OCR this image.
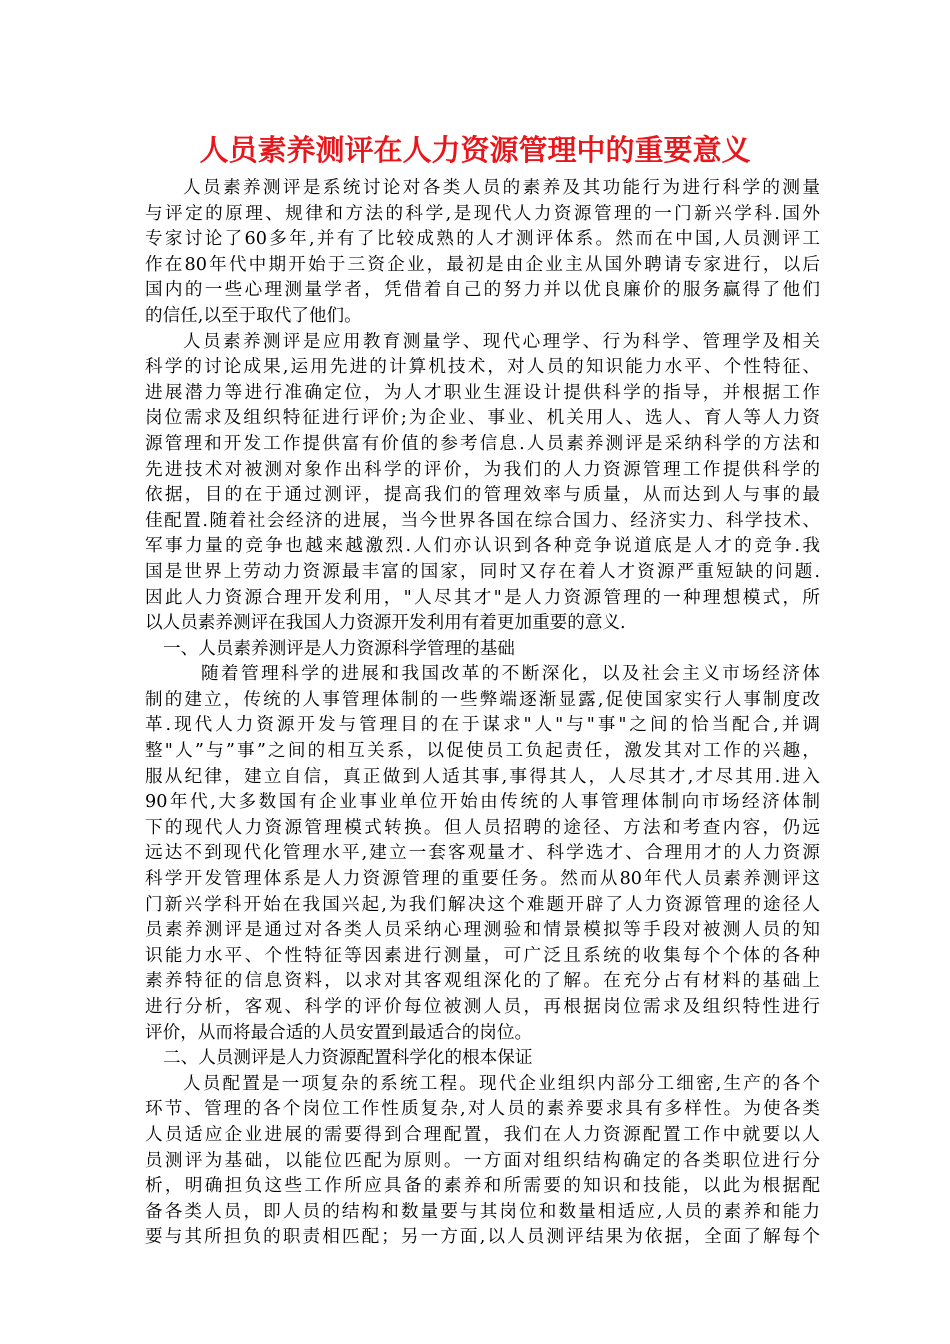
人员素养测评在人力资源管理中的重要意义
人员素养测评是系统讨论对各类人员的素养及其功能行为进行科学的测量
与评定的原理、规律和方法的科学,是现代人力资源管理的一门新兴学科.国外
专家讨论了60多年,并有了比较成熟的人才测评体系。然而在中国,人员测评工
作在80年代中期开始于三资企业，最初是由企业主从国外聘请专家进行，以后
国内的一些心理测量学者，凭借着自己的努力并以优良廉价的服务赢得了他们
的信任,以至于取代了他们。
人员素养测评是应用教育测量学、现代心理学、行为科学、管理学及相关
科学的讨论成果,运用先进的计算机技术，对人员的知识能力水平、个性特征、
进展潜力等进行准确定位，为人才职业生涯设计提供科学的指导，并根据工作
岗位需求及组织特征进行评价;为企业、事业、机关用人、选人、育人等人力资
源管理和开发工作提供富有价值的参考信息.人员素养测评是采纳科学的方法和
先进技术对被测对象作出科学的评价，为我们的人力资源管理工作提供科学的
依据，目的在于通过测评，提高我们的管理效率与质量，从而达到人与事的最
佳配置.随着社会经济的进展，当今世界各国在综合国力、经济实力、科学技术、
军事力量的竞争也越来越激烈.人们亦认识到各种竞争说道底是人才的竞争.我
国是世界上劳动力资源最丰富的国家，同时又存在着人才资源严重短缺的问题.
因此人力资源合理开发利用，"人尽其才"是人力资源管理的一种理想模式，所
以人员素养测评在我国人力资源开发利用有着更加重要的意义.
一、人员素养测评是人力资源科学管理的基础
随着管理科学的进展和我国改革的不断深化，以及社会主义市场经济体
制的建立，传统的人事管理体制的一些弊端逐渐显露,促使国家实行人事制度改
革.现代人力资源开发与管理目的在于谋求"人"与"事"之间的恰当配合,并调
整"人”与”事”之间的相互关系，以促使员工负起责任，激发其对工作的兴趣，
服从纪律，建立自信，真正做到人适其事,事得其人，人尽其才,才尽其用.进入
90年代,大多数国有企业事业单位开始由传统的人事管理体制向市场经济体制
下的现代人力资源管理模式转换。但人员招聘的途径、方法和考查内容，仍远
远达不到现代化管理水平,建立一套客观量才、科学选才、合理用才的人力资源
科学开发管理体系是人力资源管理的重要任务。然而从80年代人员素养测评这
门新兴学科开始在我国兴起,为我们解决这个难题开辟了人力资源管理的途径人
员素养测评是通过对各类人员采纳心理测验和情景模拟等手段对被测人员的知
识能力水平、个性特征等因素进行测量，可广泛且系统的收集每个个体的各种
素养特征的信息资料，以求对其客观组深化的了解。在充分占有材料的基础上
进行分析，客观、科学的评价每位被测人员，再根据岗位需求及组织特性进行
评价，从而将最合适的人员安置到最适合的岗位。
二、人员测评是人力资源配置科学化的根本保证
人员配置是一项复杂的系统工程。现代企业组织内部分工细密,生产的各个
环节、管理的各个岗位工作性质复杂,对人员的素养要求具有多样性。为使各类
人员适应企业进展的需要得到合理配置，我们在人力资源配置工作中就要以人
员测评为基础，以能位匹配为原则。一方面对组织结构确定的各类职位进行分
析，明确担负这些工作所应具备的素养和所需要的知识和技能，以此为根据配
备各类人员，即人员的结构和数量要与其岗位和数量相适应,人员的素养和能力
要与其所担负的职责相匹配；另一方面,以人员测评结果为依据，全面了解每个
